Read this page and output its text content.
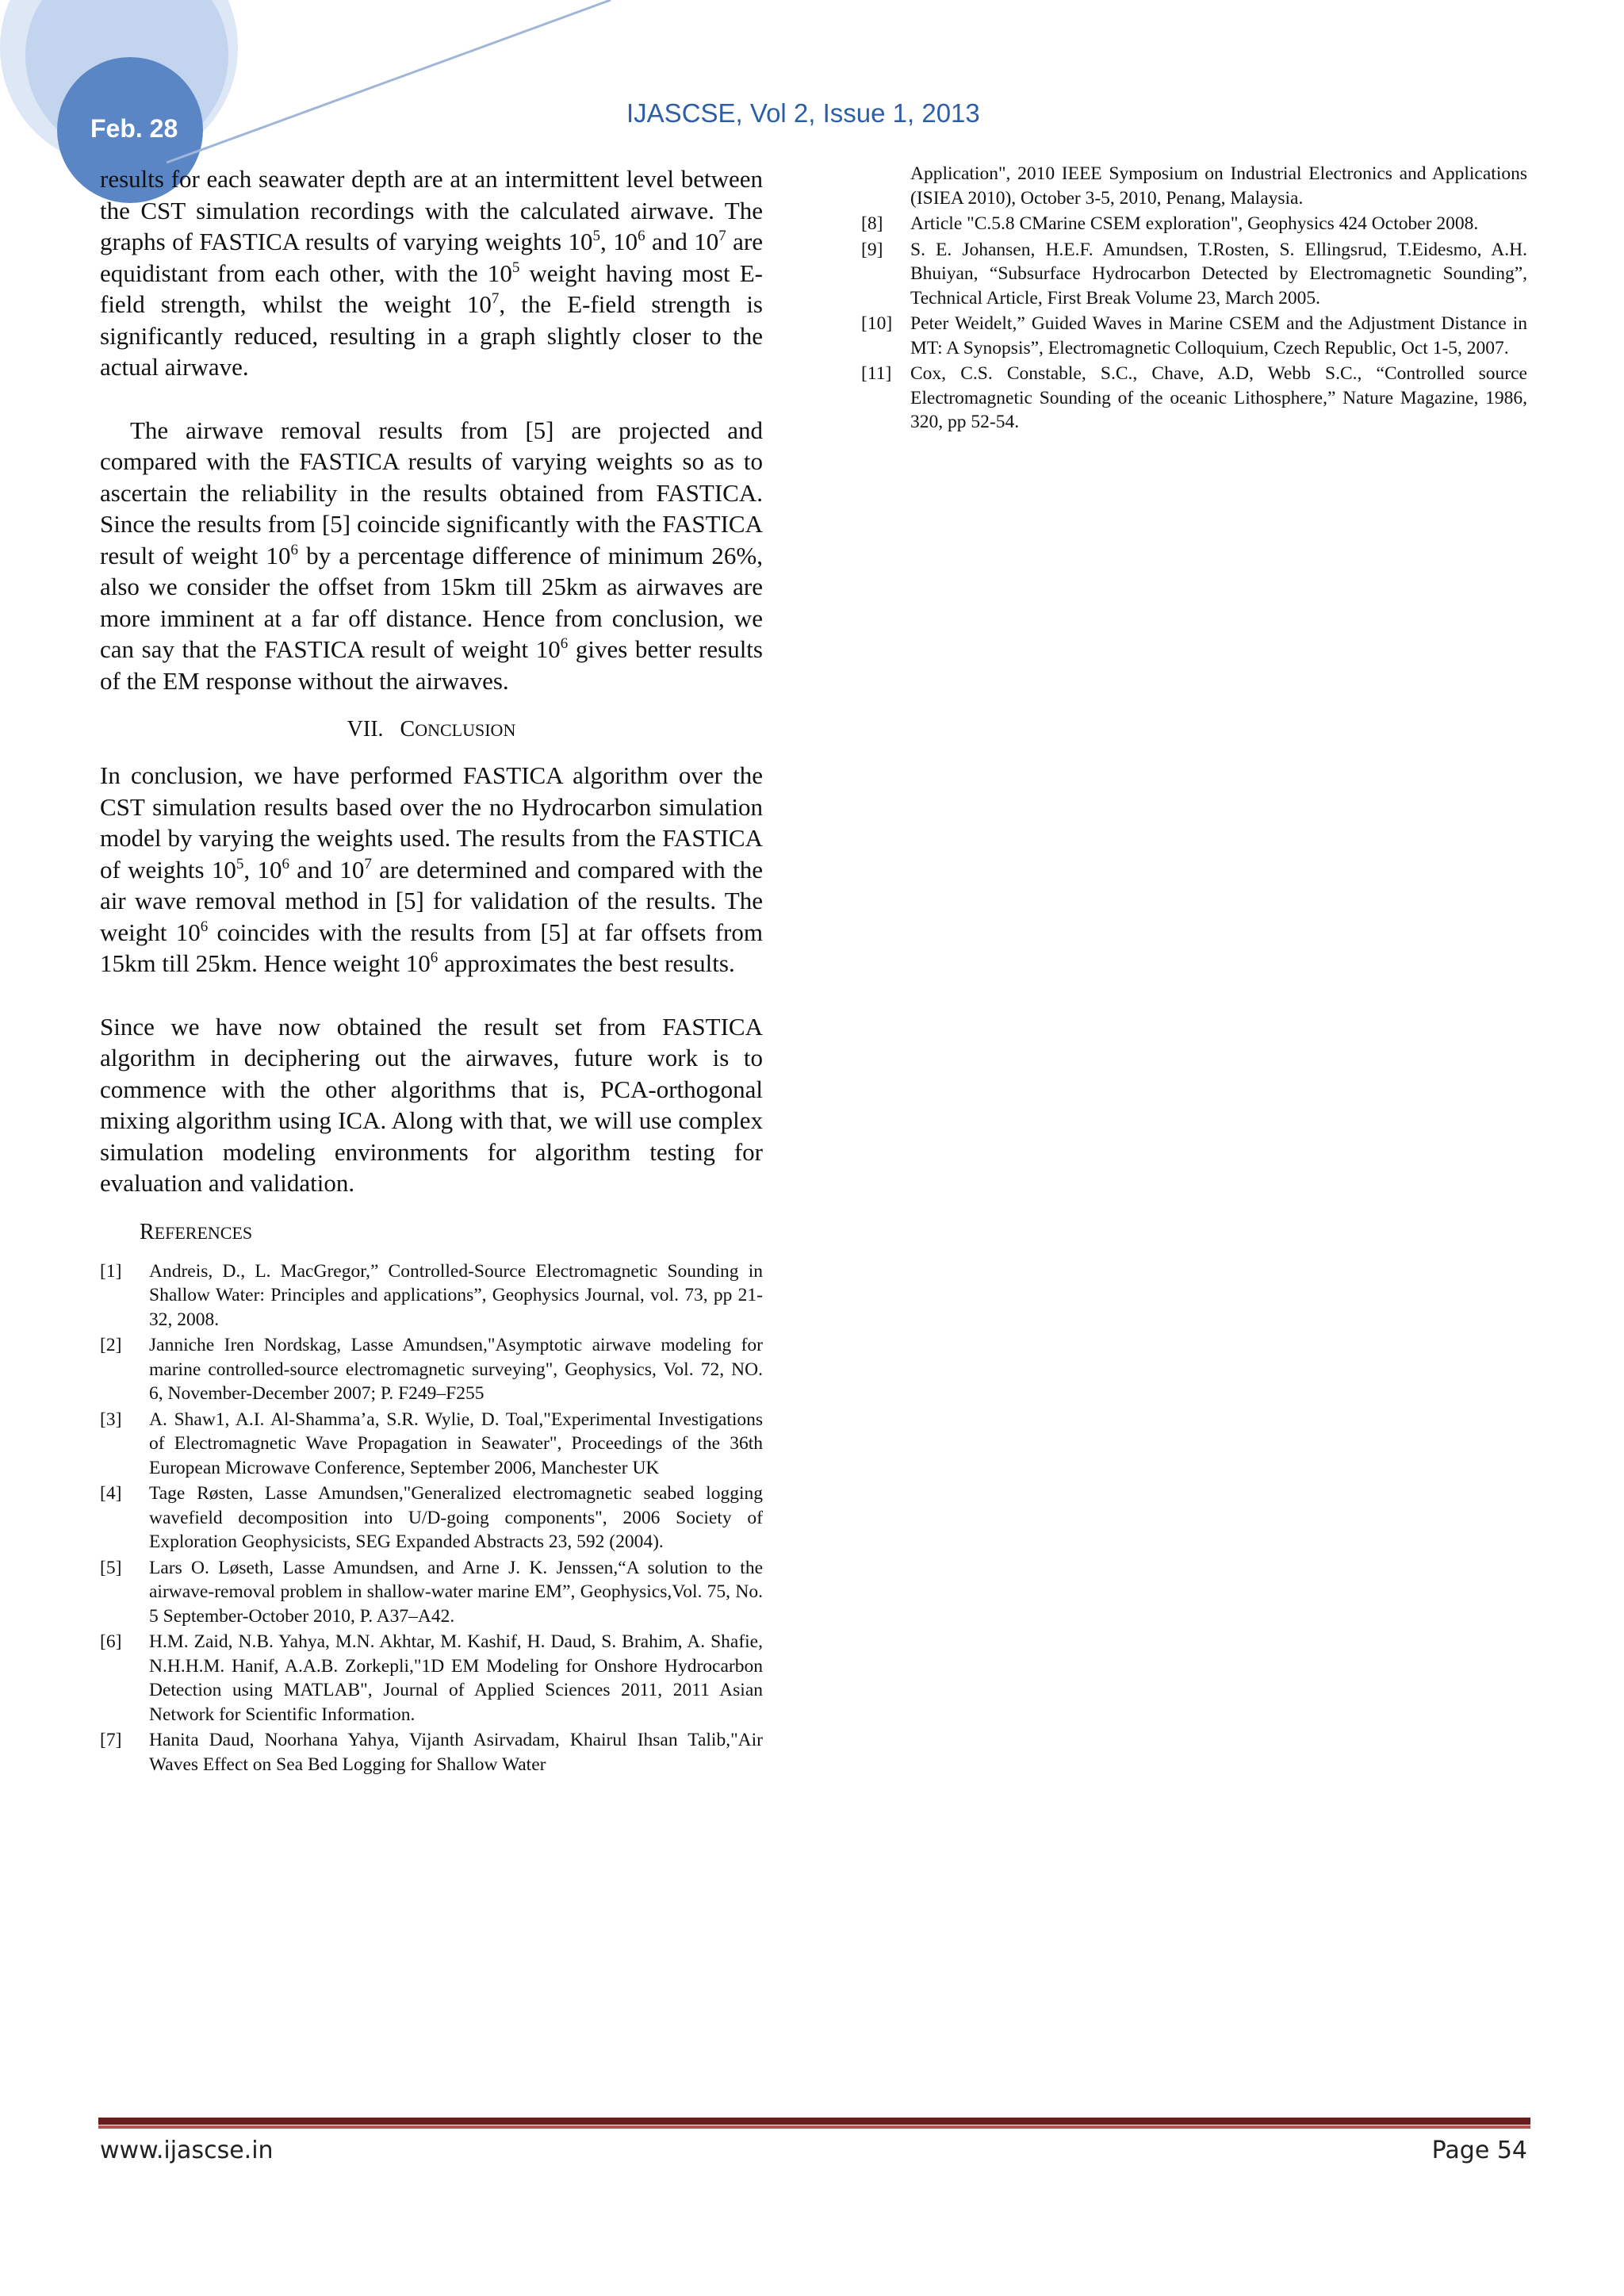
Feb. 28
IJASCSE, Vol 2, Issue 1, 2013

results for each seawater depth are at an intermittent level between the CST simulation recordings with the calculated airwave. The graphs of FASTICA results of varying weights $10^5$, $10^6$ and $10^7$ are equidistant from each other, with the $10^5$ weight having most E-field strength, whilst the weight $10^7$, the E-field strength is significantly reduced, resulting in a graph slightly closer to the actual airwave.

The airwave removal results from [5] are projected and compared with the FASTICA results of varying weights so as to ascertain the reliability in the results obtained from FASTICA. Since the results from [5] coincide significantly with the FASTICA result of weight $10^6$ by a percentage difference of minimum 26%, also we consider the offset from 15km till 25km as airwaves are more imminent at a far off distance. Hence from conclusion, we can say that the FASTICA result of weight $10^6$ gives better results of the EM response without the airwaves.

VII. CONCLUSION

In conclusion, we have performed FASTICA algorithm over the CST simulation results based over the no Hydrocarbon simulation model by varying the weights used. The results from the FASTICA of weights $10^5$, $10^6$ and $10^7$ are determined and compared with the air wave removal method in [5] for validation of the results. The weight $10^6$ coincides with the results from [5] at far offsets from 15km till 25km. Hence weight $10^6$ approximates the best results.

Since we have now obtained the result set from FASTICA algorithm in deciphering out the airwaves, future work is to commence with the other algorithms that is, PCA-orthogonal mixing algorithm using ICA. Along with that, we will use complex simulation modeling environments for algorithm testing for evaluation and validation.

REFERENCES

[1]	Andreis, D., L. MacGregor,” Controlled-Source Electromagnetic Sounding in Shallow Water: Principles and applications”, Geophysics Journal, vol. 73, pp 21-32, 2008.
[2]	Janniche Iren Nordskag, Lasse Amundsen,"Asymptotic airwave modeling for marine controlled-source electromagnetic surveying", Geophysics, Vol. 72, NO. 6, November-December 2007; P. F249–F255
[3]	A. Shaw1, A.I. Al-Shamma’a, S.R. Wylie, D. Toal,"Experimental Investigations of Electromagnetic Wave Propagation in Seawater", Proceedings of the 36th European Microwave Conference, September 2006, Manchester UK
[4]	Tage Røsten, Lasse Amundsen,"Generalized electromagnetic seabed logging wavefield decomposition into U/D-going components", 2006 Society of Exploration Geophysicists, SEG Expanded Abstracts 23, 592 (2004).
[5]	Lars O. Løseth, Lasse Amundsen, and Arne J. K. Jenssen,“A solution to the airwave-removal problem in shallow-water marine EM”, Geophysics,Vol. 75, No. 5 September-October 2010, P. A37–A42.
[6]	H.M. Zaid, N.B. Yahya, M.N. Akhtar, M. Kashif, H. Daud, S. Brahim, A. Shafie, N.H.H.M. Hanif, A.A.B. Zorkepli,"1D EM Modeling for Onshore Hydrocarbon Detection using MATLAB", Journal of Applied Sciences 2011, 2011 Asian Network for Scientific Information.
[7]	Hanita Daud, Noorhana Yahya, Vijanth Asirvadam, Khairul Ihsan Talib,"Air Waves Effect on Sea Bed Logging for Shallow Water
Application", 2010 IEEE Symposium on Industrial Electronics and Applications (ISIEA 2010), October 3-5, 2010, Penang, Malaysia.
[8]	Article "C.5.8 CMarine CSEM exploration", Geophysics 424 October 2008.
[9]	S. E. Johansen, H.E.F. Amundsen, T.Rosten, S. Ellingsrud, T.Eidesmo, A.H. Bhuiyan, “Subsurface Hydrocarbon Detected by Electromagnetic Sounding”, Technical Article, First Break Volume 23, March 2005.
[10] Peter Weidelt,” Guided Waves in Marine CSEM and the Adjustment Distance in MT: A Synopsis”, Electromagnetic Colloquium, Czech Republic, Oct 1-5, 2007.
[11]	Cox, C.S. Constable, S.C., Chave, A.D, Webb S.C., “Controlled source Electromagnetic Sounding of the oceanic Lithosphere,” Nature Magazine, 1986, 320, pp 52-54.
www.ijascse.in	Page 54
